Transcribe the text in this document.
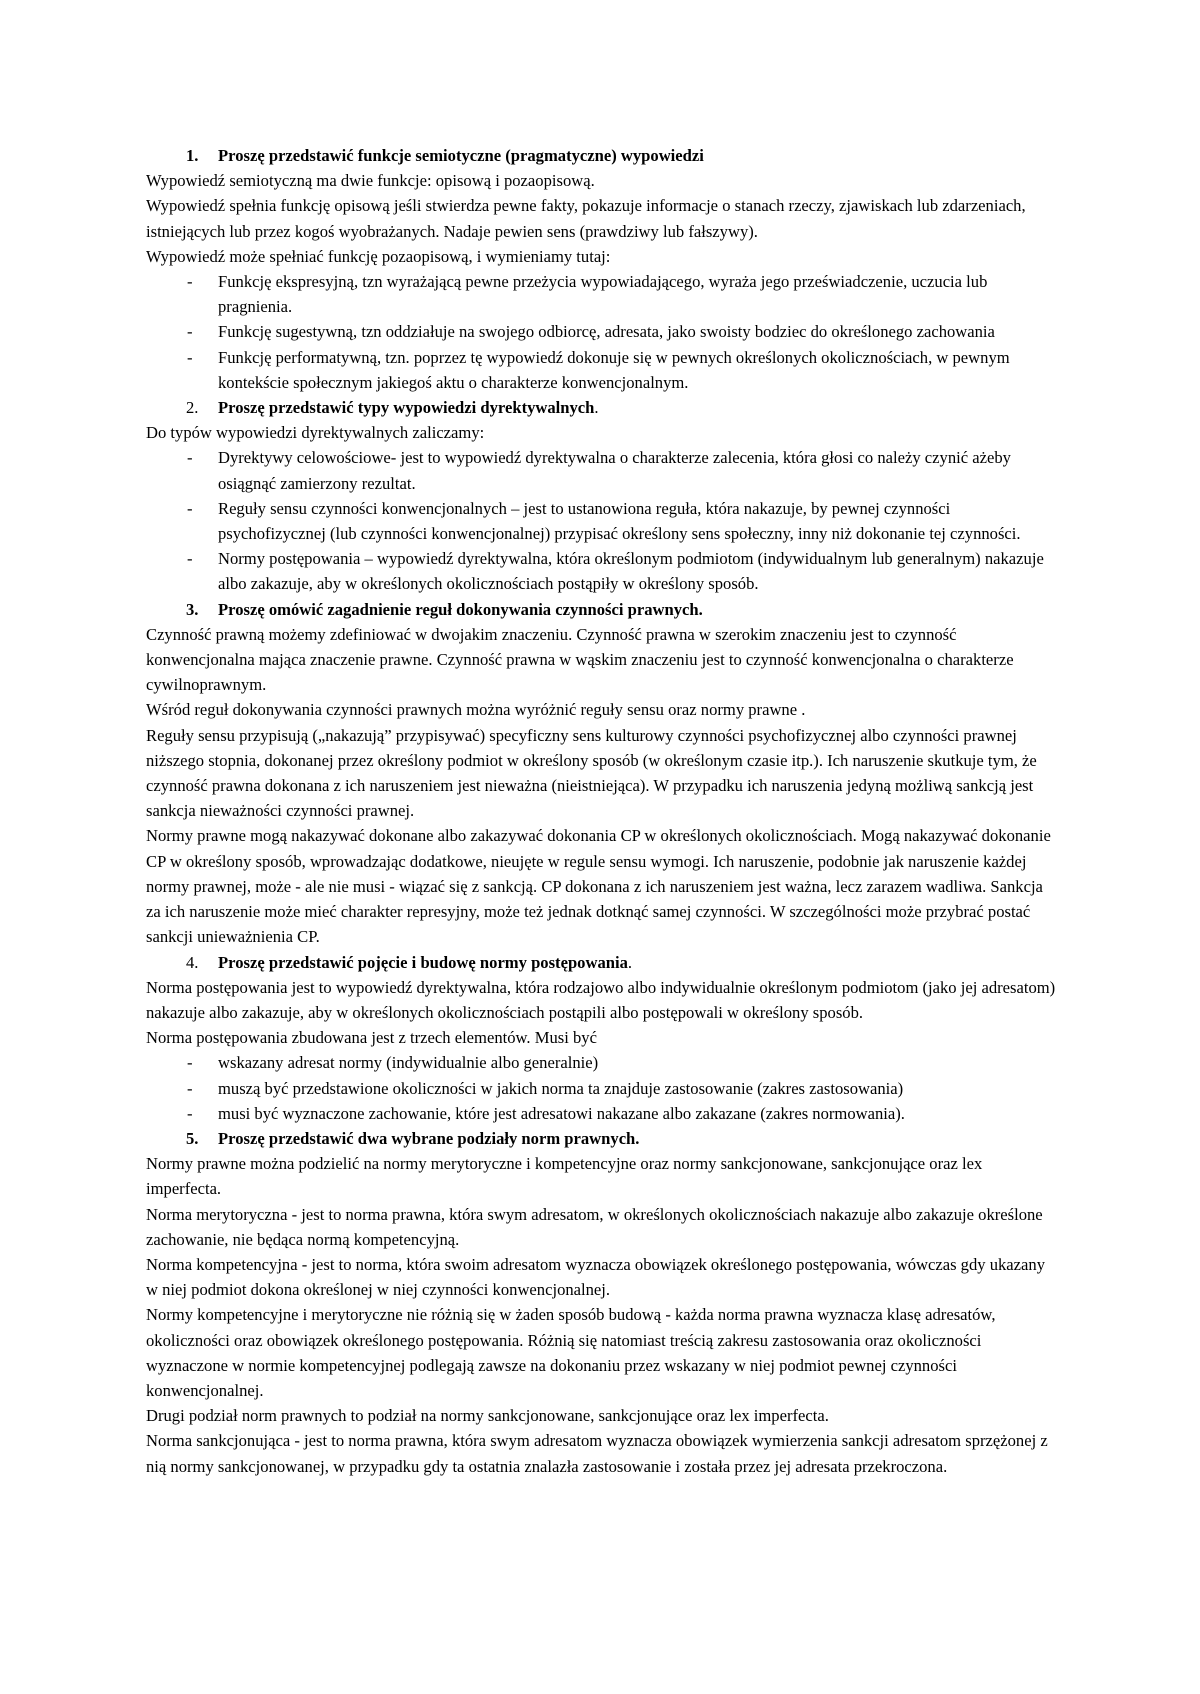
1. Proszę przedstawić funkcje semiotyczne (pragmatyczne) wypowiedzi

Wypowiedź semiotyczną ma dwie funkcje: opisową i pozaopisową.

Wypowiedź spełnia funkcję opisową jeśli stwierdza pewne fakty, pokazuje informacje o stanach rzeczy, zjawiskach lub zdarzeniach, istniejących lub przez kogoś wyobrażanych. Nadaje pewien sens (prawdziwy lub fałszywy).

Wypowiedź może spełniać funkcję pozaopisową, i wymieniamy tutaj:

- Funkcję ekspresyjną, tzn wyrażającą pewne przeżycia wypowiadającego, wyraża jego przeświadczenie, uczucia lub pragnienia.
- Funkcję sugestywną, tzn oddziałuje na swojego odbiorcę, adresata, jako swoisty bodziec do określonego zachowania
- Funkcję performatywną, tzn. poprzez tę wypowiedź dokonuje się w pewnych określonych okolicznościach, w pewnym kontekście społecznym jakiegoś aktu o charakterze konwencjonalnym.
2. Proszę przedstawić typy wypowiedzi dyrektywalnych.

Do typów wypowiedzi dyrektywalnych zaliczamy:

- Dyrektywy celowościowe- jest to wypowiedź dyrektywalna o charakterze zalecenia, która głosi co należy czynić ażeby osiągnąć zamierzony rezultat.
- Reguły sensu czynności konwencjonalnych – jest to ustanowiona reguła, która nakazuje, by pewnej czynności psychofizycznej (lub czynności konwencjonalnej) przypisać określony sens społeczny, inny niż dokonanie tej czynności.
- Normy postępowania – wypowiedź dyrektywalna, która określonym podmiotom (indywidualnym lub generalnym) nakazuje albo zakazuje, aby w określonych okolicznościach postąpiły w określony sposób.
3. Proszę omówić zagadnienie reguł dokonywania czynności prawnych.

Czynność prawną możemy zdefiniować w dwojakim znaczeniu. Czynność prawna w szerokim znaczeniu jest to czynność konwencjonalna mająca znaczenie prawne. Czynność prawna w wąskim znaczeniu jest to czynność konwencjonalna o charakterze cywilnoprawnym.

Wśród reguł dokonywania czynności prawnych można wyróżnić reguły sensu oraz normy prawne .

Reguły sensu przypisują („nakazują” przypisywać) specyficzny sens kulturowy czynności psychofizycznej albo czynności prawnej niższego stopnia, dokonanej przez określony podmiot w określony sposób (w określonym czasie itp.). Ich naruszenie skutkuje tym, że czynność prawna dokonana z ich naruszeniem jest nieważna (nieistniejąca). W przypadku ich naruszenia jedyną możliwą sankcją jest sankcja nieważności czynności prawnej.

Normy prawne mogą nakazywać dokonane albo zakazywać dokonania CP w określonych okolicznościach. Mogą nakazywać dokonanie CP w określony sposób, wprowadzając dodatkowe, nieujęte w regule sensu wymogi. Ich naruszenie, podobnie jak naruszenie każdej normy prawnej, może - ale nie musi - wiązać się z sankcją. CP dokonana z ich naruszeniem jest ważna, lecz zarazem wadliwa. Sankcja za ich naruszenie może mieć charakter represyjny, może też jednak dotknąć samej czynności. W szczególności może przybrać postać sankcji unieważnienia CP.

4. Proszę przedstawić pojęcie i budowę normy postępowania.

Norma postępowania jest to wypowiedź dyrektywalna, która rodzajowo albo indywidualnie określonym podmiotom (jako jej adresatom) nakazuje albo zakazuje, aby w określonych okolicznościach postąpili albo postępowali w określony sposób.

Norma postępowania zbudowana jest z trzech elementów. Musi być

- wskazany adresat normy (indywidualnie albo generalnie)
- muszą być przedstawione okoliczności w jakich norma ta znajduje zastosowanie (zakres zastosowania)
- musi być wyznaczone zachowanie, które jest adresatowi nakazane albo zakazane (zakres normowania).
5. Proszę przedstawić dwa wybrane podziały norm prawnych.

Normy prawne można podzielić na normy merytoryczne i kompetencyjne oraz normy sankcjonowane, sankcjonujące oraz lex imperfecta.

Norma merytoryczna - jest to norma prawna, która swym adresatom, w określonych okolicznościach nakazuje albo zakazuje określone zachowanie, nie będąca normą kompetencyjną.

Norma kompetencyjna - jest to norma, która swoim adresatom wyznacza obowiązek określonego postępowania, wówczas gdy ukazany w niej podmiot dokona określonej w niej czynności konwencjonalnej.

Normy kompetencyjne i merytoryczne nie różnią się w żaden sposób budową - każda norma prawna wyznacza klasę adresatów, okoliczności oraz obowiązek określonego postępowania. Różnią się natomiast treścią zakresu zastosowania oraz okoliczności wyznaczone w normie kompetencyjnej podlegają zawsze na dokonaniu przez wskazany w niej podmiot pewnej czynności konwencjonalnej.

Drugi podział norm prawnych to podział na normy sankcjonowane, sankcjonujące oraz lex imperfecta.

Norma sankcjonująca - jest to norma prawna, która swym adresatom wyznacza obowiązek wymierzenia sankcji adresatom sprzężonej z nią normy sankcjonowanej, w przypadku gdy ta ostatnia znalazła zastosowanie i została przez jej adresata przekroczona.
